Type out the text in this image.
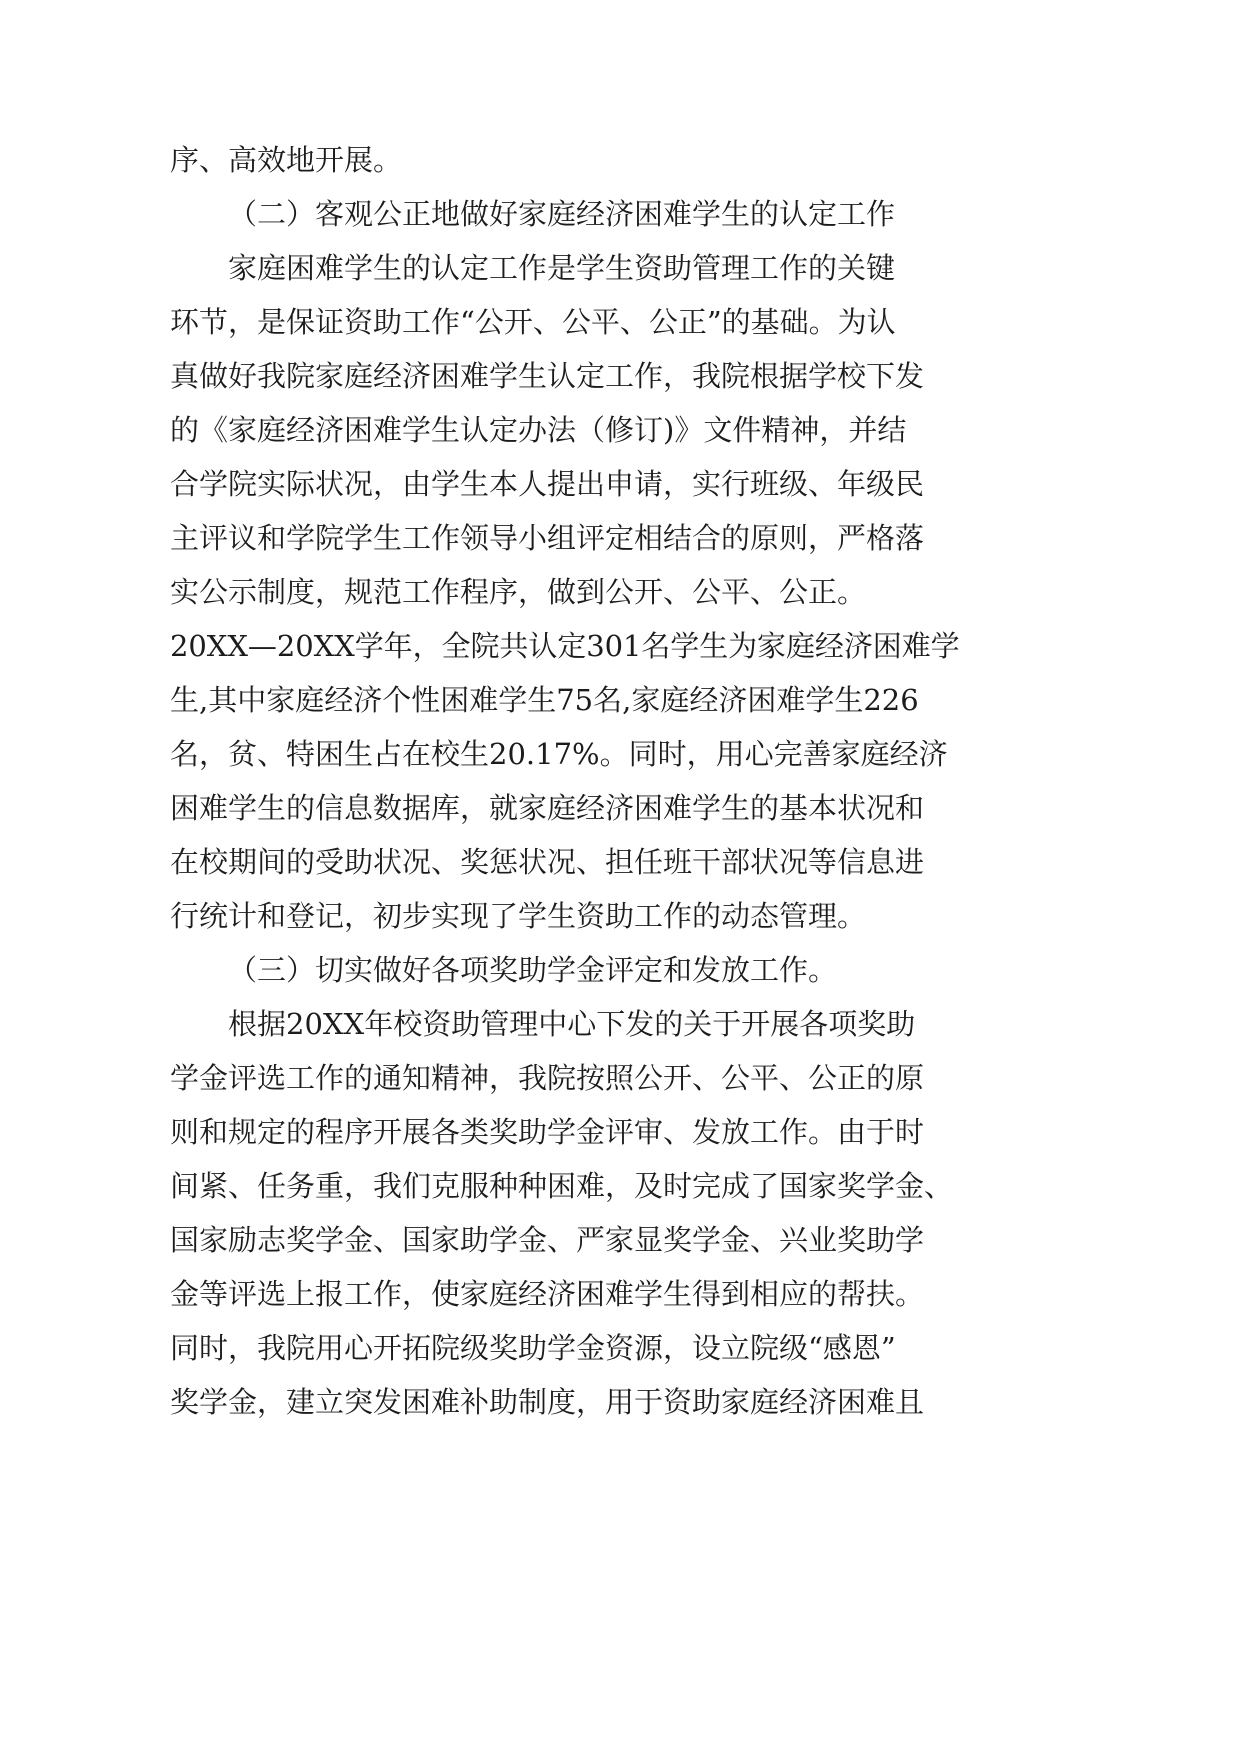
序、高效地开展。
（二）客观公正地做好家庭经济困难学生的认定工作
家庭困难学生的认定工作是学生资助管理工作的关键
环节，是保证资助工作“公开、公平、公正”的基础。为认
真做好我院家庭经济困难学生认定工作，我院根据学校下发
的《家庭经济困难学生认定办法（修订)》文件精神，并结
合学院实际状况，由学生本人提出申请，实行班级、年级民
主评议和学院学生工作领导小组评定相结合的原则，严格落
实公示制度，规范工作程序，做到公开、公平、公正。
20XX—20XX学年，全院共认定301名学生为家庭经济困难学
生,其中家庭经济个性困难学生75名,家庭经济困难学生226
名，贫、特困生占在校生20.17%。同时，用心完善家庭经济
困难学生的信息数据库，就家庭经济困难学生的基本状况和
在校期间的受助状况、奖惩状况、担任班干部状况等信息进
行统计和登记，初步实现了学生资助工作的动态管理。
（三）切实做好各项奖助学金评定和发放工作。
根据20XX年校资助管理中心下发的关于开展各项奖助
学金评选工作的通知精神，我院按照公开、公平、公正的原
则和规定的程序开展各类奖助学金评审、发放工作。由于时
间紧、任务重，我们克服种种困难，及时完成了国家奖学金、
国家励志奖学金、国家助学金、严家显奖学金、兴业奖助学
金等评选上报工作，使家庭经济困难学生得到相应的帮扶。
同时，我院用心开拓院级奖助学金资源，设立院级“感恩”
奖学金，建立突发困难补助制度，用于资助家庭经济困难且
